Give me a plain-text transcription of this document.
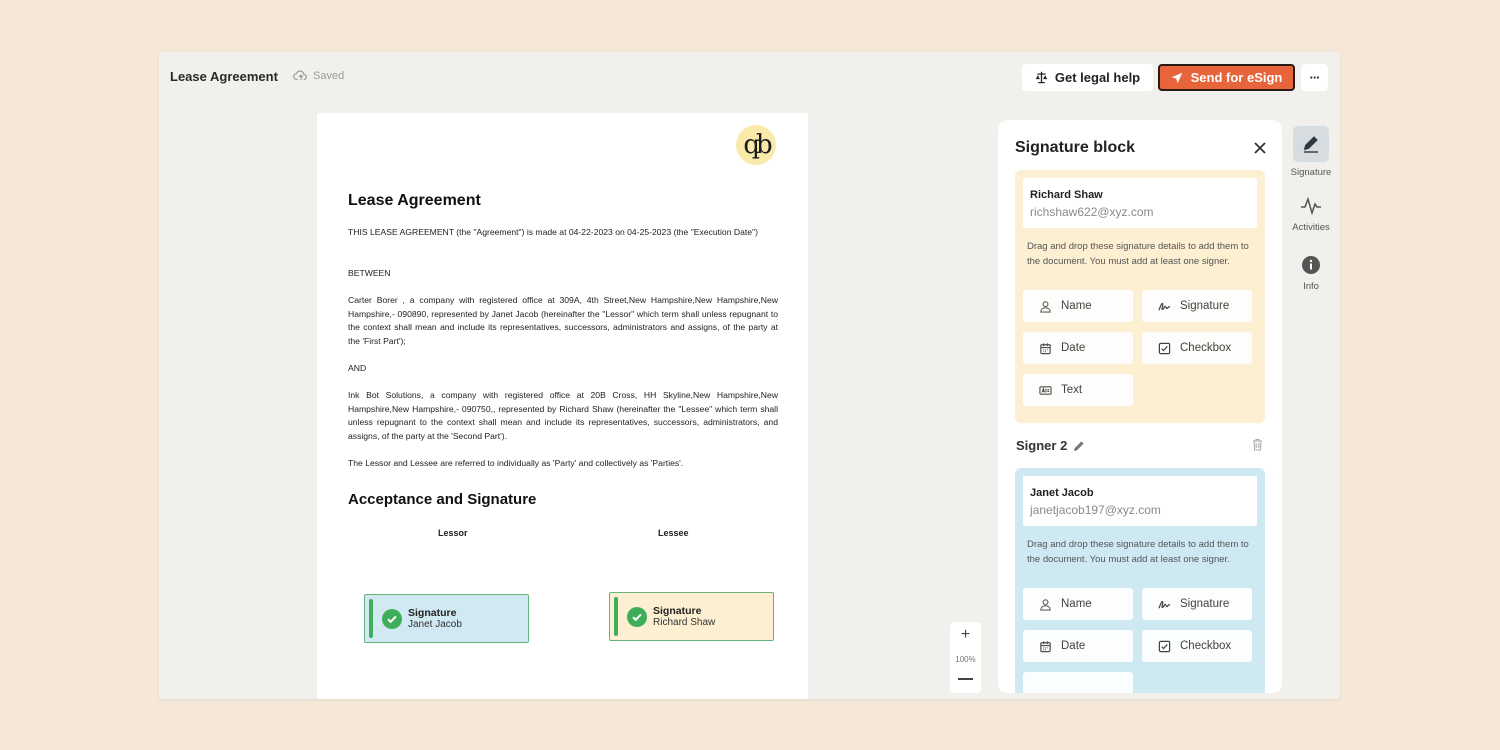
Lease Agreement	Saved	Get legal help	Send for eSign	···
qb
Lease Agreement
THIS LEASE AGREEMENT (the "Agreement") is made at 04-22-2023 on 04-25-2023 (the "Execution Date")
BETWEEN
Carter Borer , a company with registered office at 309A, 4th Street,New Hampshire,New Hampshire,New Hampshire,- 090890, represented by Janet Jacob (hereinafter the "Lessor" which term shall unless repugnant to the context shall mean and include its representatives, successors, administrators and assigns, of the party at the 'First Part');
AND
Ink Bot Solutions, a company with registered office at 20B Cross, HH Skyline,New Hampshire,New Hampshire,New Hampshire,- 090750,, represented by Richard Shaw (hereinafter the "Lessee" which term shall unless repugnant to the context shall mean and include its representatives, successors, administrators, and assigns, of the party at the 'Second Part').
The Lessor and Lessee are referred to individually as 'Party' and collectively as 'Parties'.
Acceptance and Signature
Lessor	Lessee
Signature
Janet Jacob
Signature
Richard Shaw
+
100%
Signature block
Richard Shaw
richshaw622@xyz.com
Drag and drop these signature details to add them to the document. You must add at least one signer.
Name	Signature
Date	Checkbox
Text
Signer 2
Janet Jacob
janetjacob197@xyz.com
Drag and drop these signature details to add them to the document. You must add at least one signer.
Name	Signature
Date	Checkbox
Signature
Activities
Info
